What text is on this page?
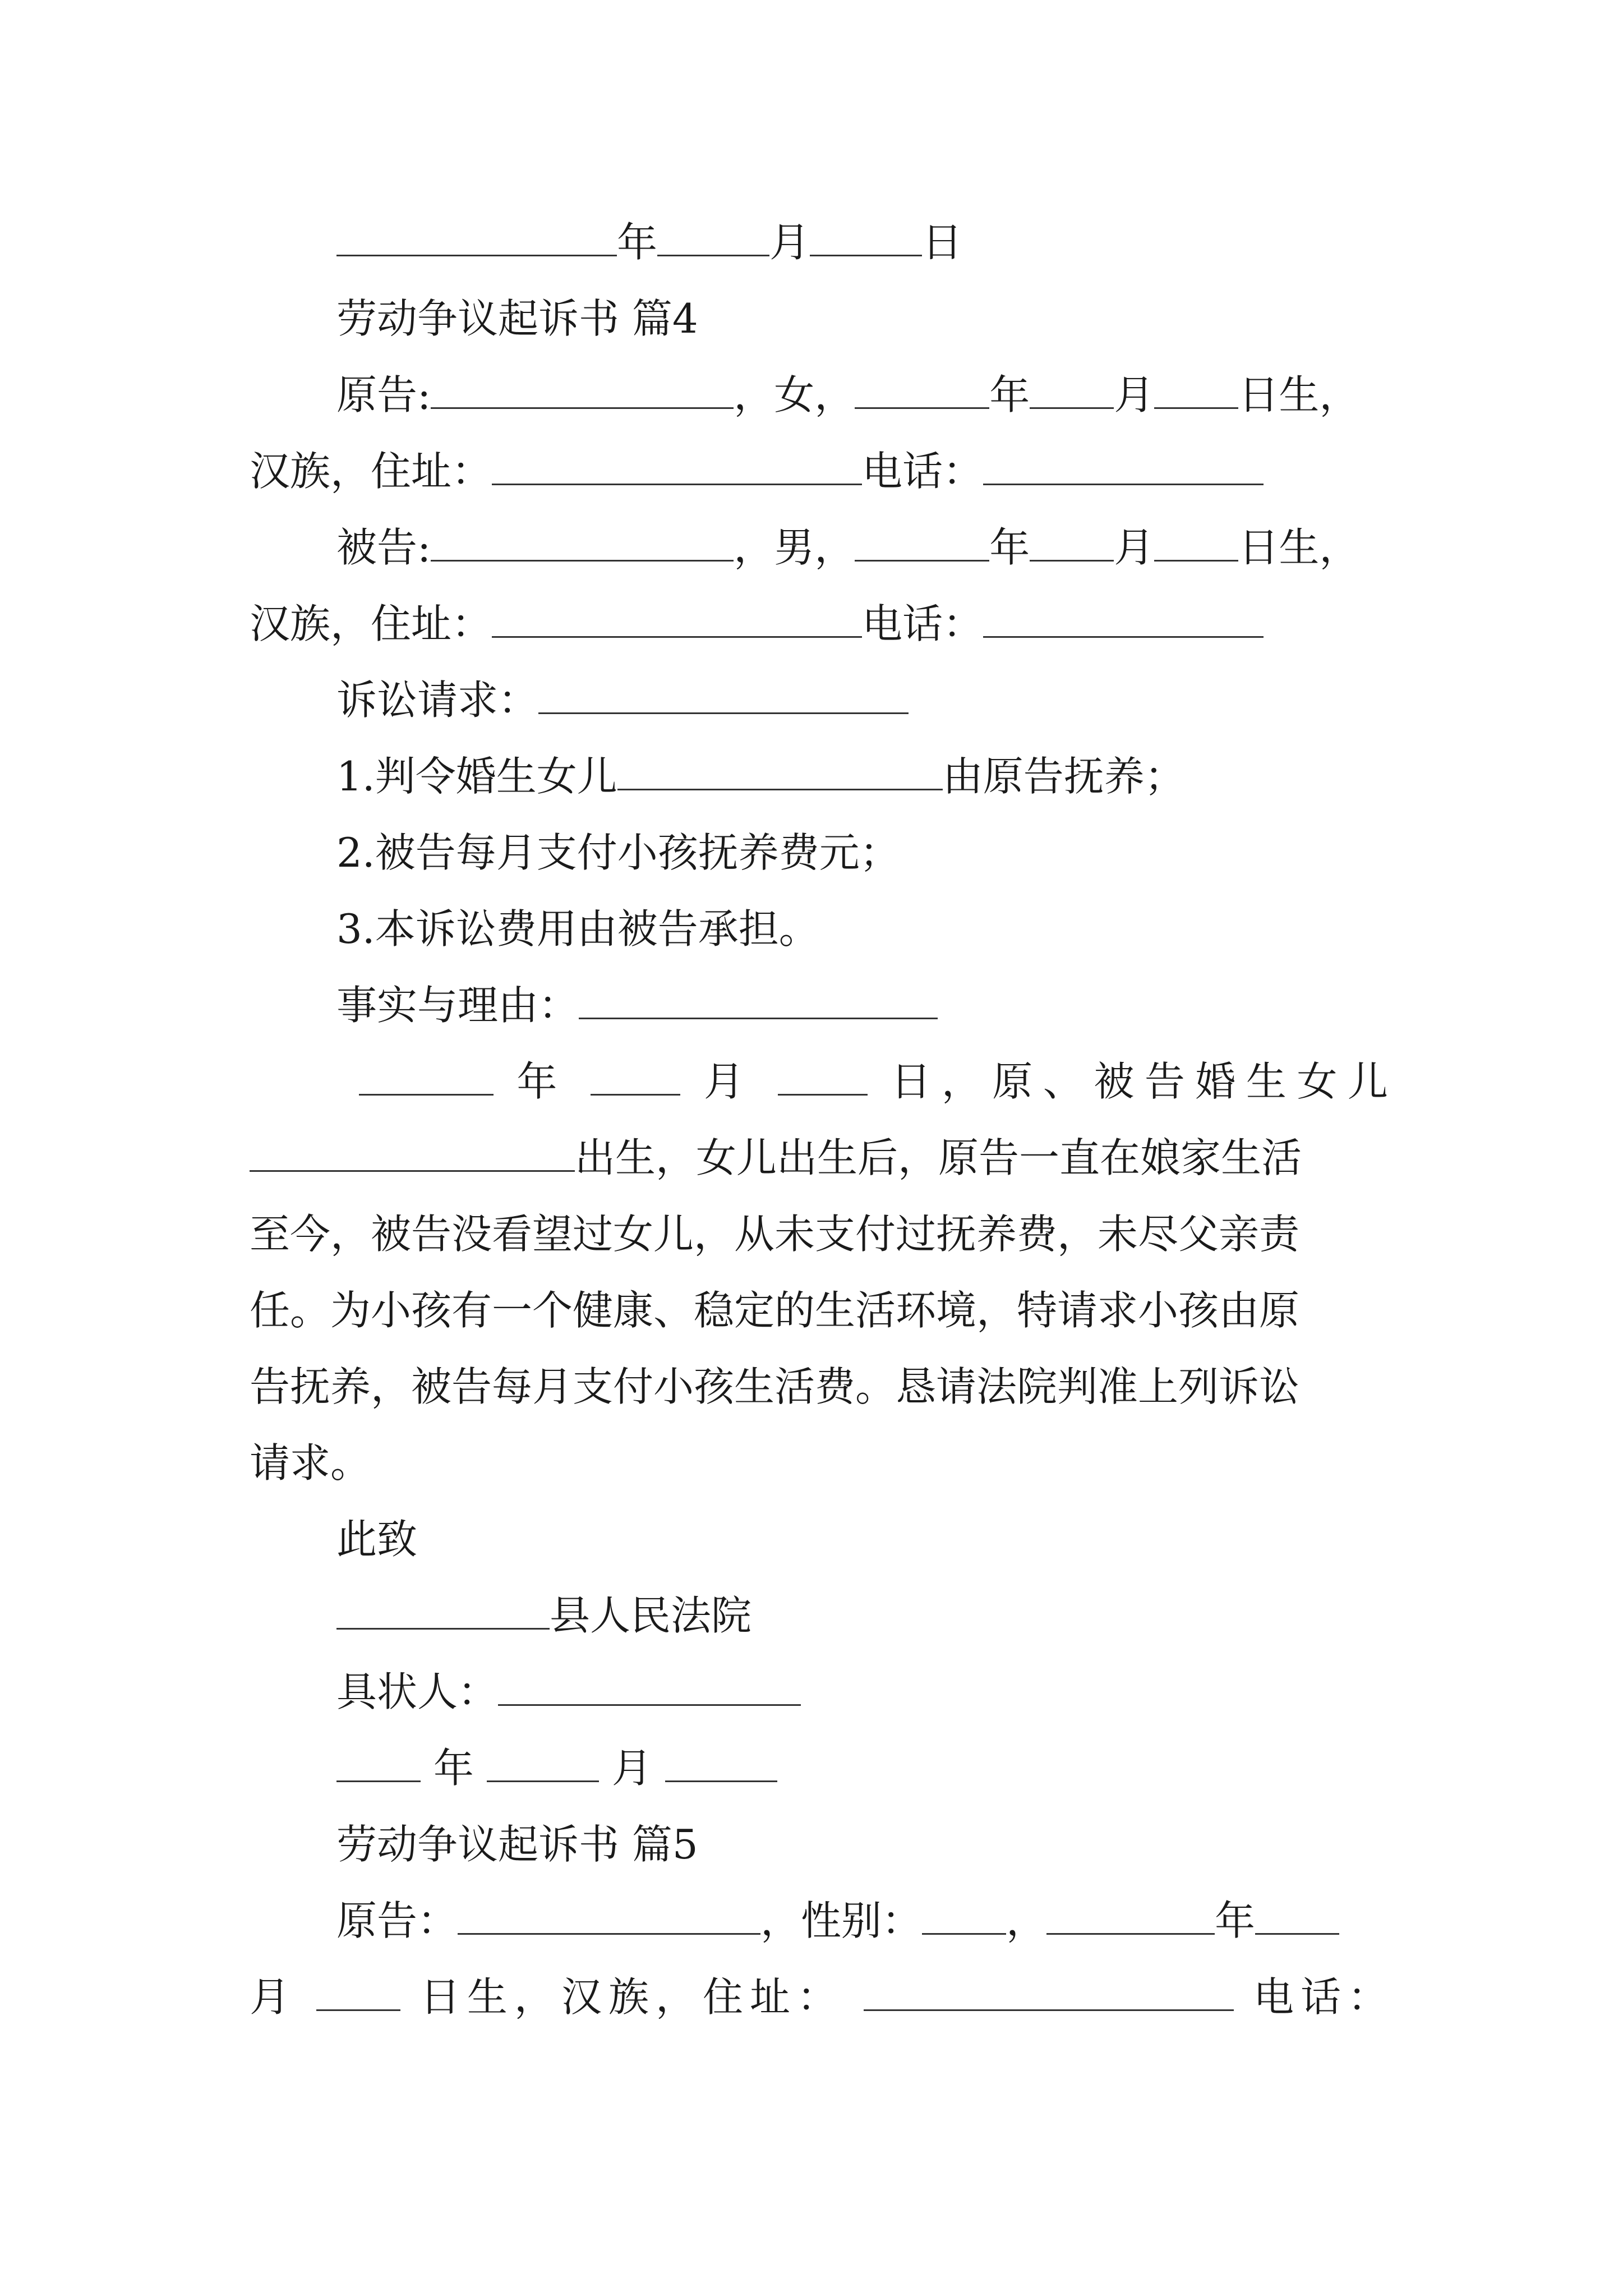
年	月	日
劳动争议起诉书 篇4
原告:	，女，	年 月 日生，
汉族，住址：	电话：
被告:	，男，	年 月 日生，
汉族，住址：	电话：
诉讼请求：
1.判令婚生女儿	由原告抚养；
2.被告每月支付小孩抚养费元；
3.本诉讼费用由被告承担。
事实与理由：
年	月	日，原、被告婚生女儿
出生，女儿出生后，原告一直在娘家生活
至今，被告没看望过女儿，从未支付过抚养费，未尽父亲责
任。为小孩有一个健康、稳定的生活环境，特请求小孩由原
告抚养，被告每月支付小孩生活费。恳请法院判准上列诉讼
请求。
此致
县人民法院
具状人：
年	月
劳动争议起诉书 篇5
原告：	，性别： ，	年
月	日生，汉族，住址：	电话：
